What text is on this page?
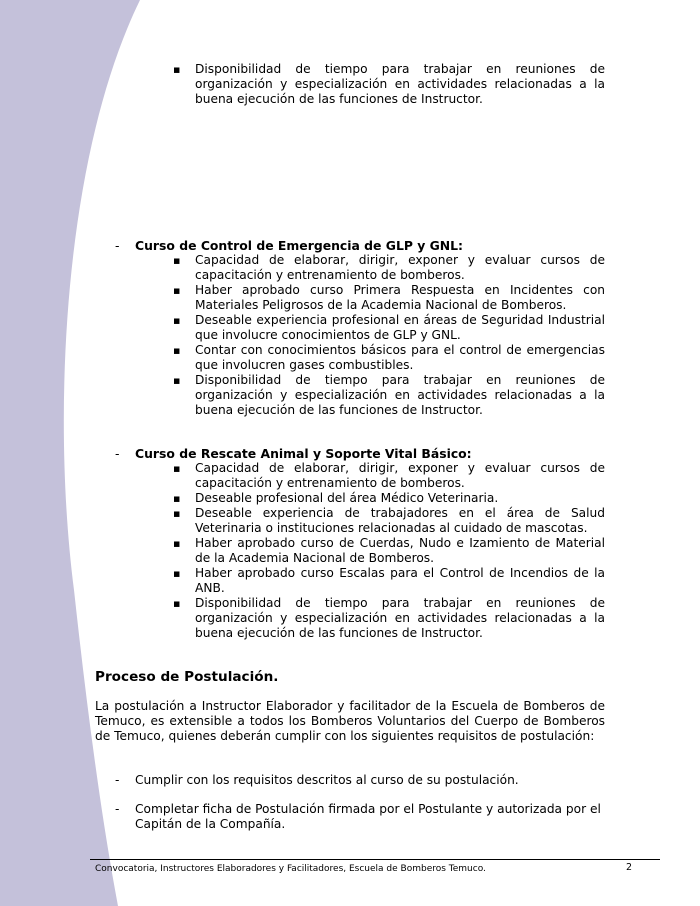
▪ Disponibilidad de tiempo para trabajar en reuniones de organización y especialización en actividades relacionadas a la buena ejecución de las funciones de Instructor.
- Curso de Control de Emergencia de GLP y GNL:
▪ Capacidad de elaborar, dirigir, exponer y evaluar cursos de capacitación y entrenamiento de bomberos.
▪ Haber aprobado curso Primera Respuesta en Incidentes con Materiales Peligrosos de la Academia Nacional de Bomberos.
▪ Deseable experiencia profesional en áreas de Seguridad Industrial que involucre conocimientos de GLP y GNL.
▪ Contar con conocimientos básicos para el control de emergencias que involucren gases combustibles.
▪ Disponibilidad de tiempo para trabajar en reuniones de organización y especialización en actividades relacionadas a la buena ejecución de las funciones de Instructor.
- Curso de Rescate Animal y Soporte Vital Básico:
▪ Capacidad de elaborar, dirigir, exponer y evaluar cursos de capacitación y entrenamiento de bomberos.
▪ Deseable profesional del área Médico Veterinaria.
▪ Deseable experiencia de trabajadores en el área de Salud Veterinaria o instituciones relacionadas al cuidado de mascotas.
▪ Haber aprobado curso de Cuerdas, Nudo e Izamiento de Material de la Academia Nacional de Bomberos.
▪ Haber aprobado curso Escalas para el Control de Incendios de la ANB.
▪ Disponibilidad de tiempo para trabajar en reuniones de organización y especialización en actividades relacionadas a la buena ejecución de las funciones de Instructor.
Proceso de Postulación.

La postulación a Instructor Elaborador y facilitador de la Escuela de Bomberos de Temuco, es extensible a todos los Bomberos Voluntarios del Cuerpo de Bomberos de Temuco, quienes deberán cumplir con los siguientes requisitos de postulación:

-	Cumplir con los requisitos descritos al curso de su postulación.
-	Completar ficha de Postulación firmada por el Postulante y autorizada por el Capitán de la Compañía.
Convocatoria, Instructores Elaboradores y Facilitadores, Escuela de Bomberos Temuco.	2
